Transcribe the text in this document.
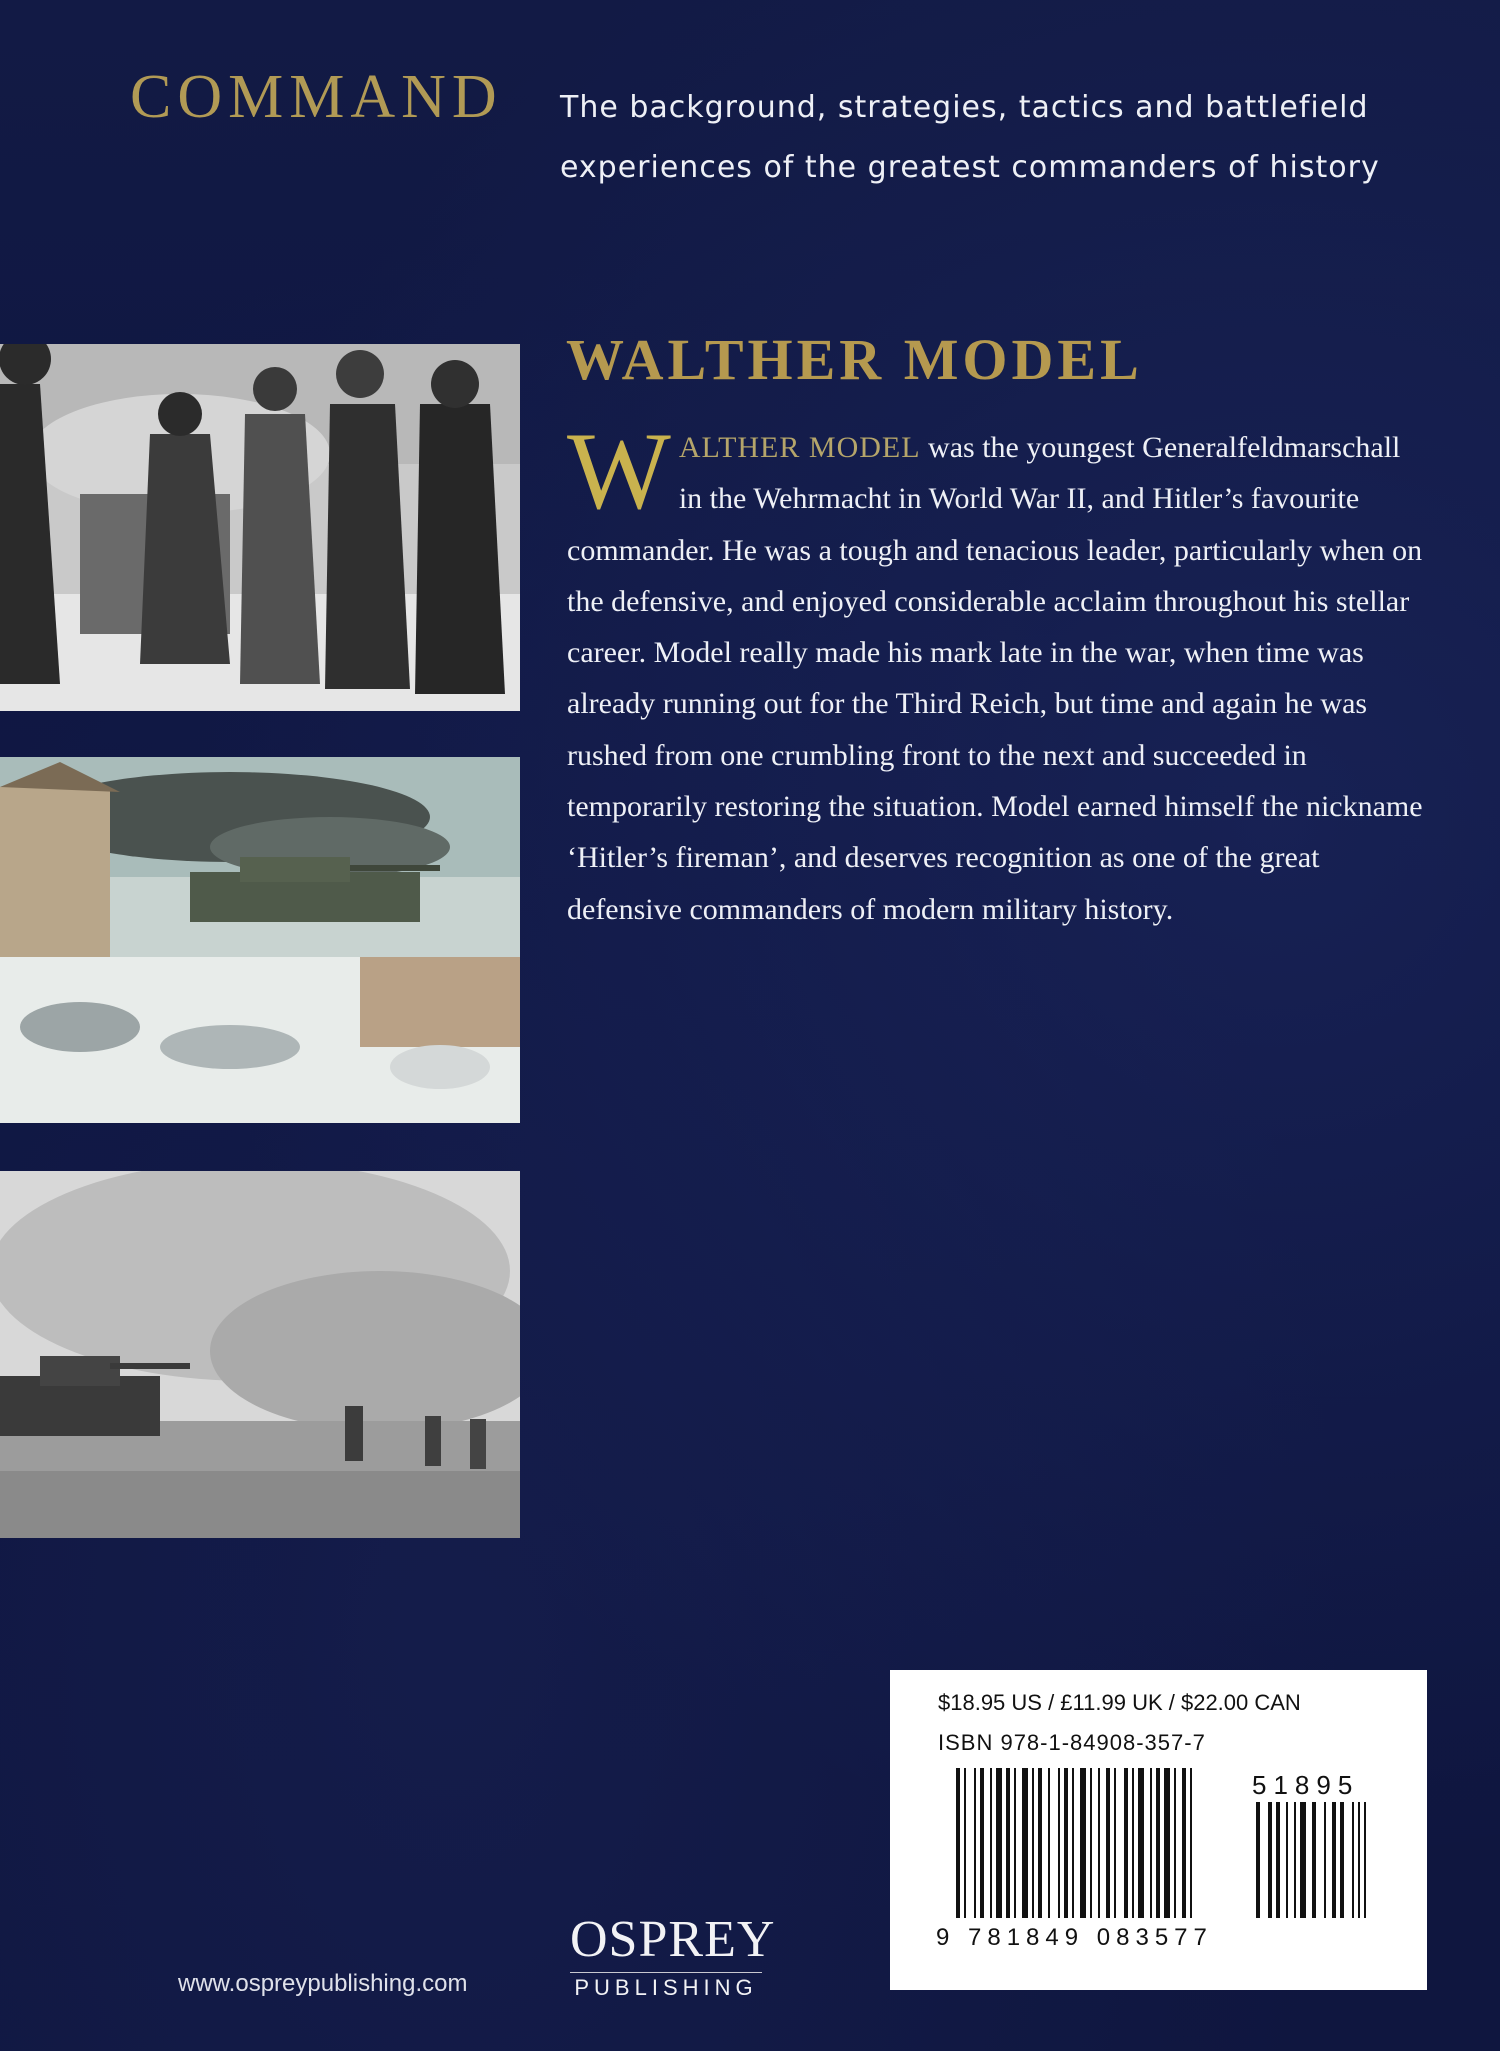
COMMAND The background, strategies, tactics and battlefield
experiences of the greatest commanders of history

WALTHER MODEL

W ALTHER MODEL was the youngest Generalfeldmarschall in the Wehrmacht in World War II, and Hitler’s favourite commander. He was a tough and tenacious leader, particularly when on the defensive, and enjoyed considerable acclaim throughout his stellar career. Model really made his mark late in the war, when time was already running out for the Third Reich, but time and again he was rushed from one crumbling front to the next and succeeded in temporarily restoring the situation. Model earned himself the nickname ‘Hitler’s fireman’, and deserves recognition as one of the great defensive commanders of modern military history.

$18.95 US / £11.99 UK / $22.00 CAN

ISBN 978-1-84908-357-7

9 781849 083577
51895
OSPREY
PUBLISHING
www.ospreypublishing.com
